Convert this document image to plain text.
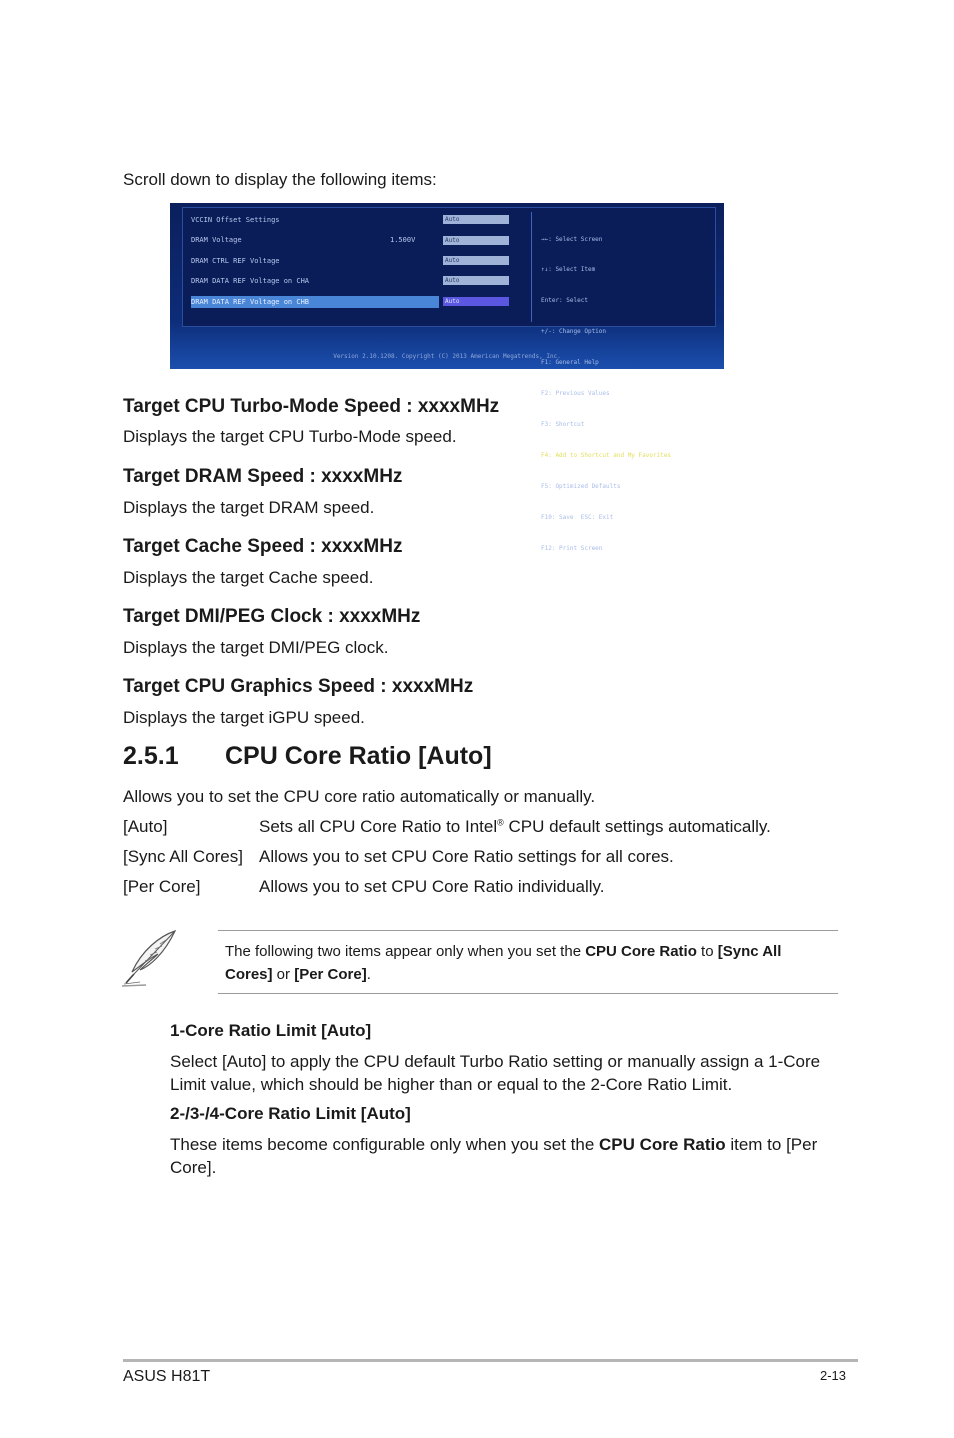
Scroll down to display the following items:
VCCIN Offset Settings	Auto
DRAM Voltage	1.500V	Auto
DRAM CTRL REF Voltage	Auto
DRAM DATA REF Voltage on CHA	Auto
DRAM DATA REF Voltage on CHB	Auto

→←: Select Screen

↑↓: Select Item

Enter: Select

+/-: Change Option

F1: General Help

F2: Previous Values

F3: Shortcut

F4: Add to Shortcut and My Favorites

F5: Optimized Defaults

F10: Save  ESC: Exit

F12: Print Screen

Version 2.10.1208. Copyright (C) 2013 American Megatrends, Inc.
Target CPU Turbo-Mode Speed : xxxxMHz
Displays the target CPU Turbo-Mode speed.
Target DRAM Speed : xxxxMHz
Displays the target DRAM speed.
Target Cache Speed : xxxxMHz
Displays the target Cache speed.
Target DMI/PEG Clock : xxxxMHz
Displays the target DMI/PEG clock.
Target CPU Graphics Speed : xxxxMHz
Displays the target iGPU speed.
2.5.1 CPU Core Ratio [Auto]
Allows you to set the CPU core ratio automatically or manually.
[Auto]	Sets all CPU Core Ratio to Intel® CPU default settings automatically.
[Sync All Cores] Allows you to set CPU Core Ratio settings for all cores.
[Per Core]	Allows you to set CPU Core Ratio individually.
The following two items appear only when you set the CPU Core Ratio to [Sync All Cores] or [Per Core].
1-Core Ratio Limit [Auto]
Select [Auto] to apply the CPU default Turbo Ratio setting or manually assign a 1-Core Limit value, which should be higher than or equal to the 2-Core Ratio Limit.
2-/3-/4-Core Ratio Limit [Auto]
These items become configurable only when you set the CPU Core Ratio item to [Per Core].
ASUS H81T	2-13
